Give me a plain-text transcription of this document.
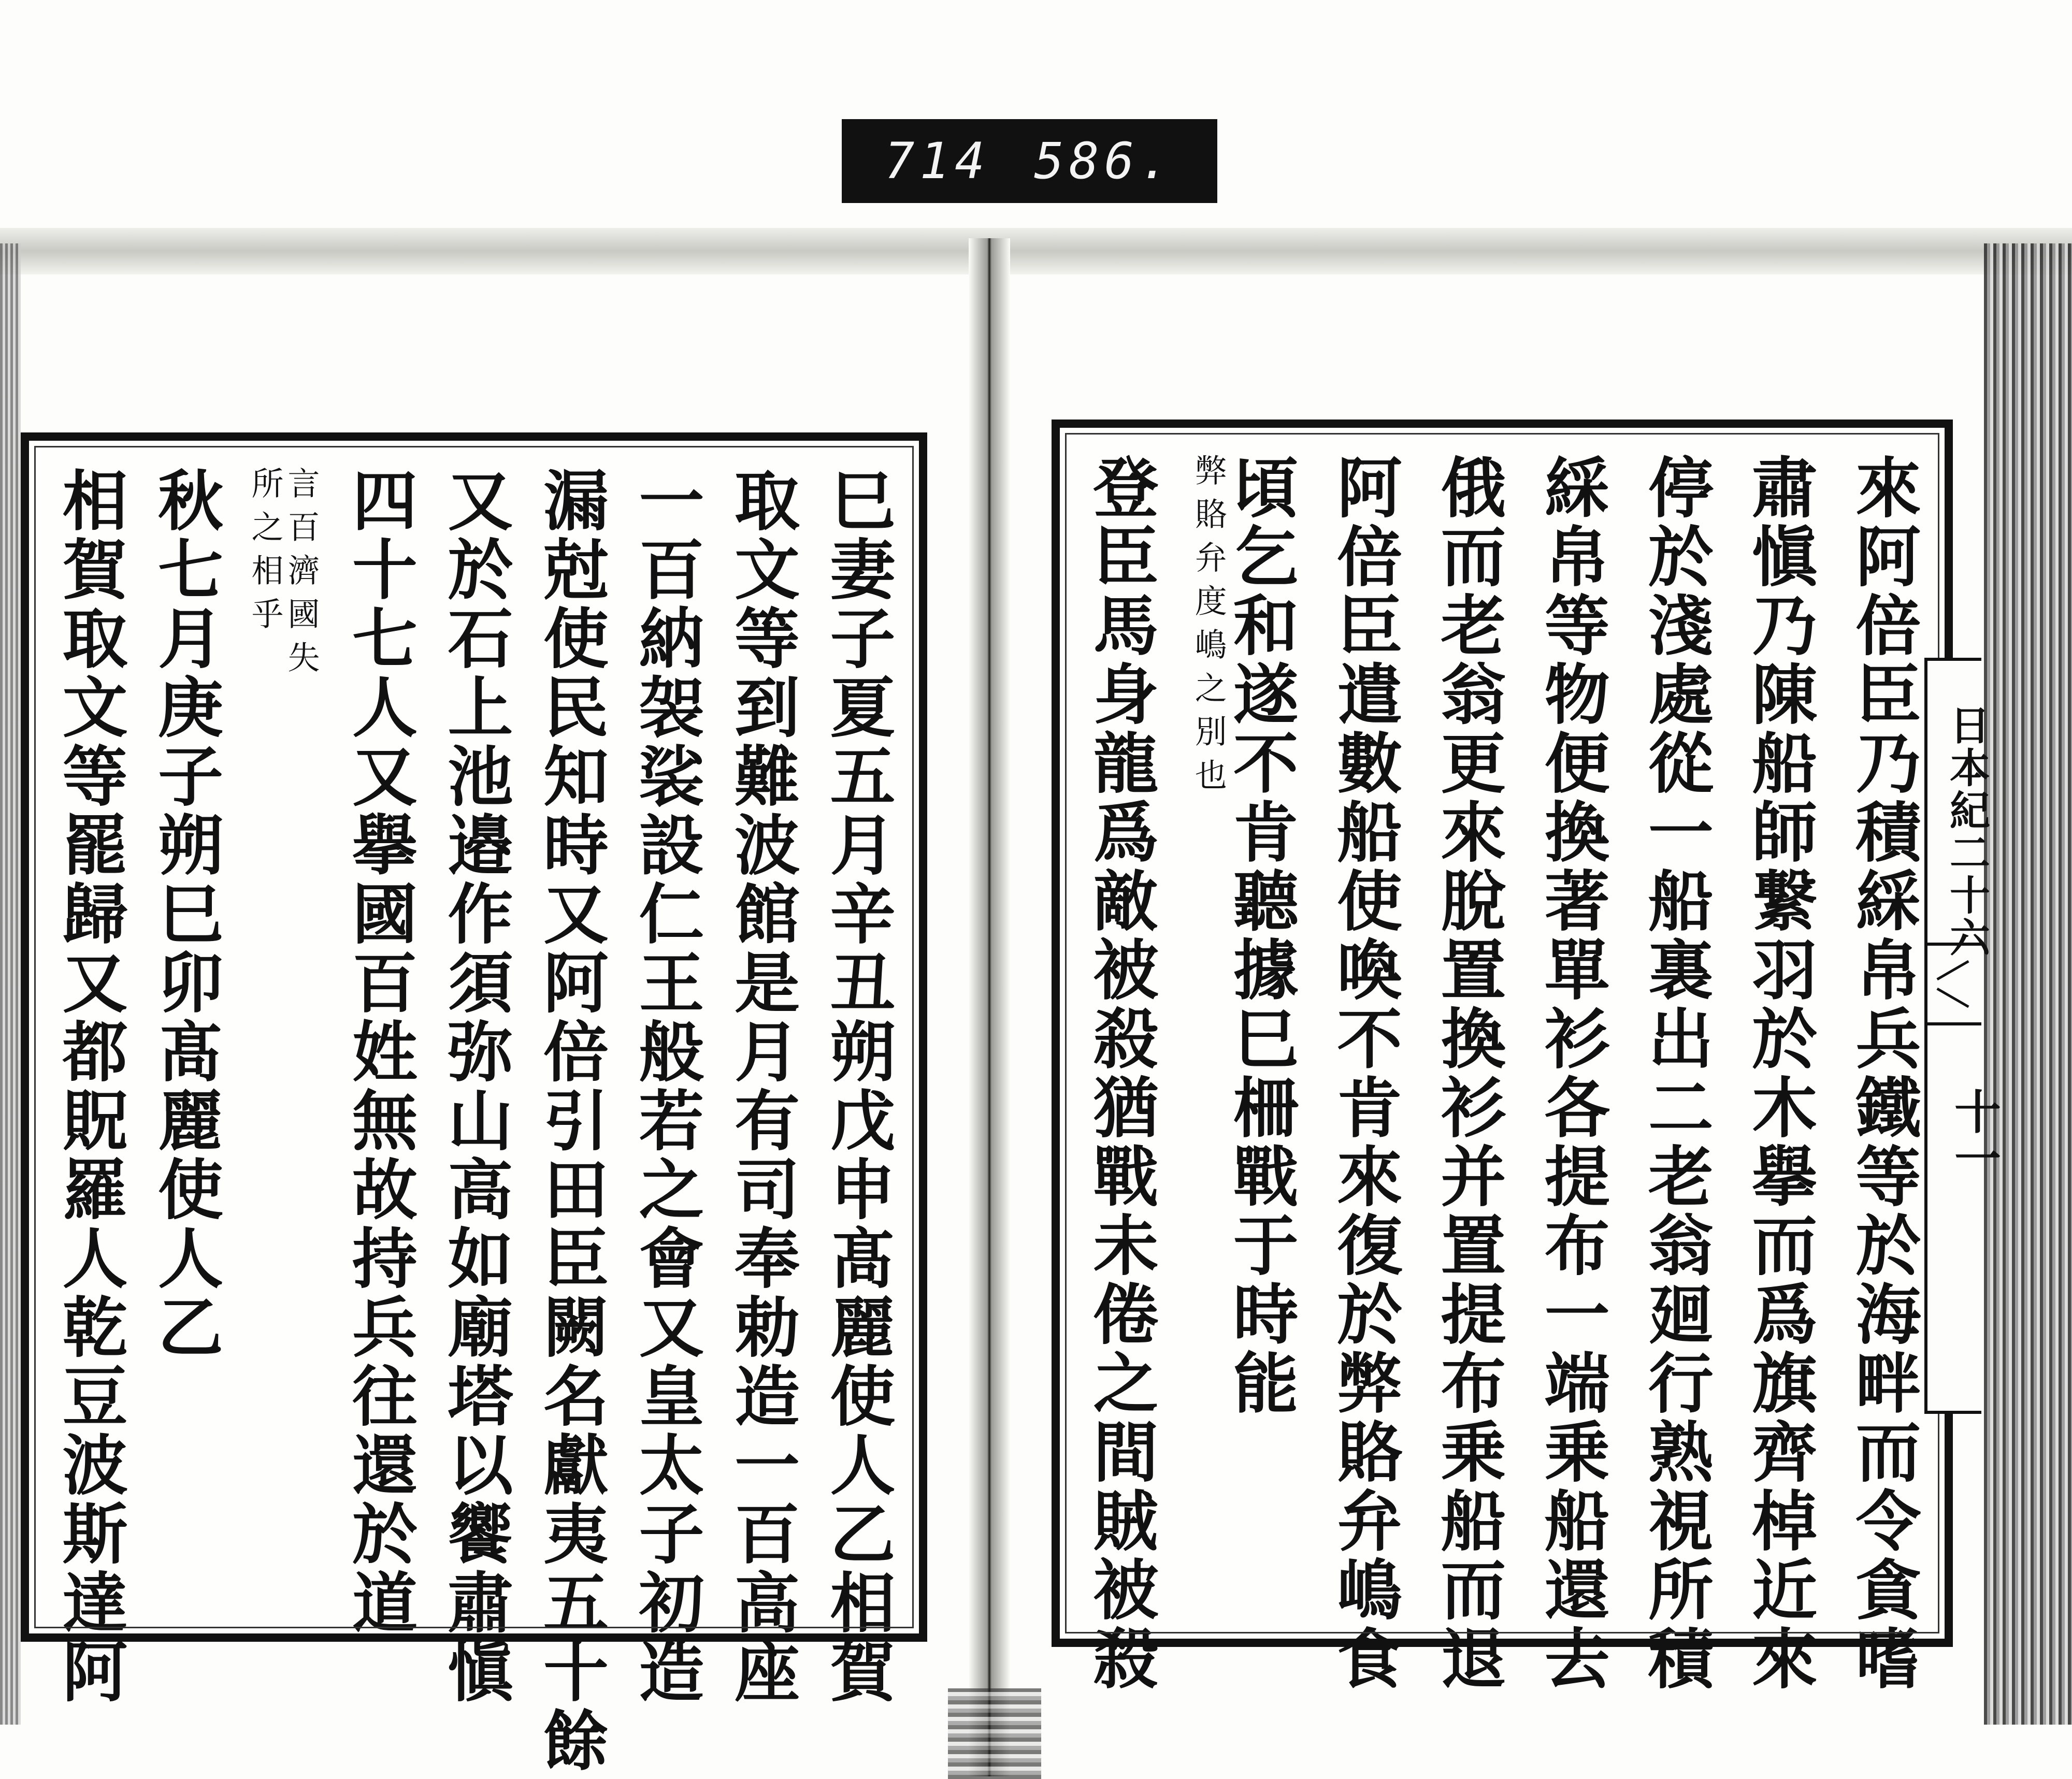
714 586.
巳妻子夏五月辛丑朔戊申髙麗使人乙相賀
取文等到難波館是月有司奉勅造一百高座
一百納袈裟設仁王般若之會又皇太子初造
漏尅使民知時又阿倍引田臣闕名獻夷五十餘
又於石上池邉作須弥山高如廟塔以饗肅愼
四十七人又擧國百姓無故持兵往還於道
言百濟國失
所之相乎
秋七月庚子朔巳卯髙麗使人乙
相賀取文等罷歸又都貺羅人乾豆波斯達阿	來阿倍臣乃積綵帛兵鐵等於海畔而令貪嗜
肅愼乃陳船師繋羽於木擧而爲旗齊棹近來
停於淺處從一船裏出二老翁廻行熟視所積
綵帛等物便換著單衫各提布一端乗船還去
俄而老翁更來脫置換衫并置提布乗船而退
阿倍臣遣數船使喚不肯來復於弊賂弁嶋食
頃乞和遂不肯聽據巳柵戰于時能
弊賂弁度嶋之別也
登臣馬身龍爲敵被殺猶戰未倦之間賊被殺	日本紀二十六
十一
